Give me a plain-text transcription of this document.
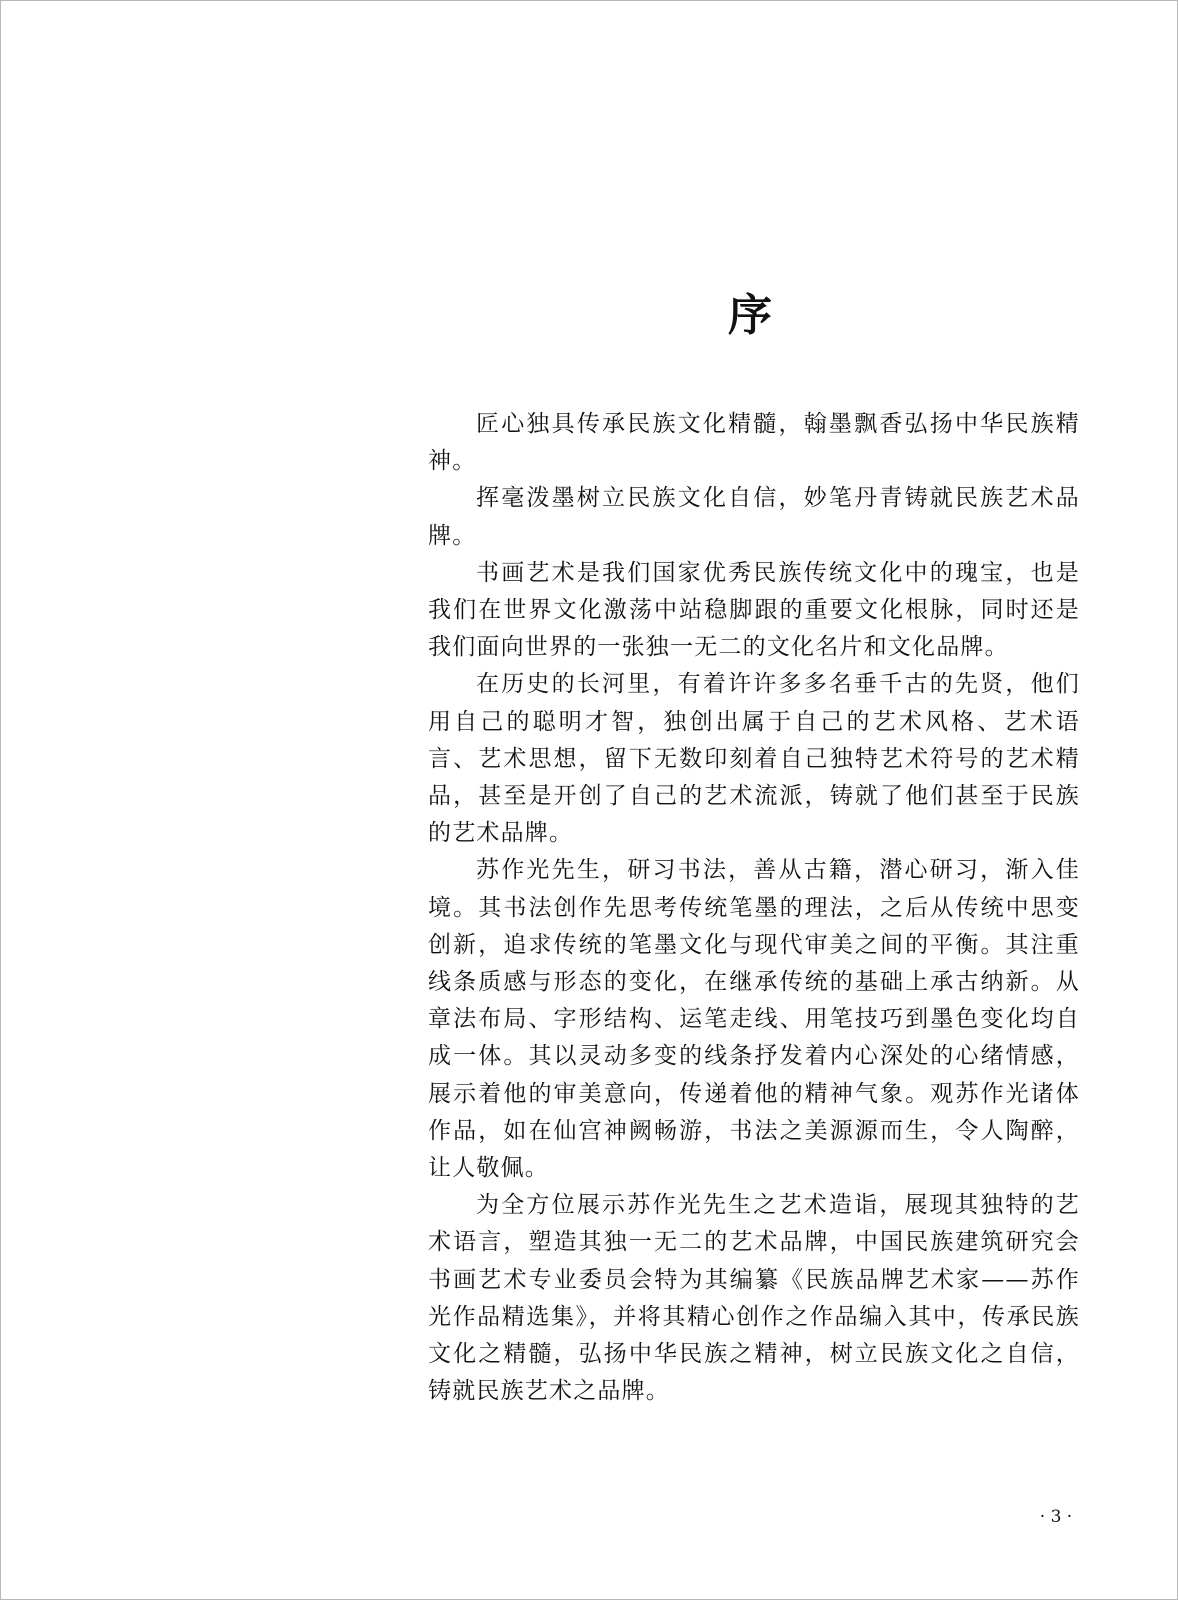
序

匠心独具传承民族文化精髓，翰墨飘香弘扬中华民族精神。

挥毫泼墨树立民族文化自信，妙笔丹青铸就民族艺术品牌。

书画艺术是我们国家优秀民族传统文化中的瑰宝，也是我们在世界文化激荡中站稳脚跟的重要文化根脉，同时还是我们面向世界的一张独一无二的文化名片和文化品牌。

在历史的长河里，有着许许多多名垂千古的先贤，他们用自己的聪明才智，独创出属于自己的艺术风格、艺术语言、艺术思想，留下无数印刻着自己独特艺术符号的艺术精品，甚至是开创了自己的艺术流派，铸就了他们甚至于民族的艺术品牌。

苏作光先生，研习书法，善从古籍，潜心研习，渐入佳境。其书法创作先思考传统笔墨的理法，之后从传统中思变创新，追求传统的笔墨文化与现代审美之间的平衡。其注重线条质感与形态的变化，在继承传统的基础上承古纳新。从章法布局、字形结构、运笔走线、用笔技巧到墨色变化均自成一体。其以灵动多变的线条抒发着内心深处的心绪情感，展示着他的审美意向，传递着他的精神气象。观苏作光诸体作品，如在仙宫神阙畅游，书法之美源源而生，令人陶醉，让人敬佩。

为全方位展示苏作光先生之艺术造诣，展现其独特的艺术语言，塑造其独一无二的艺术品牌，中国民族建筑研究会书画艺术专业委员会特为其编纂《民族品牌艺术家——苏作光作品精选集》，并将其精心创作之作品编入其中，传承民族文化之精髓，弘扬中华民族之精神，树立民族文化之自信，铸就民族艺术之品牌。

· 3 ·
